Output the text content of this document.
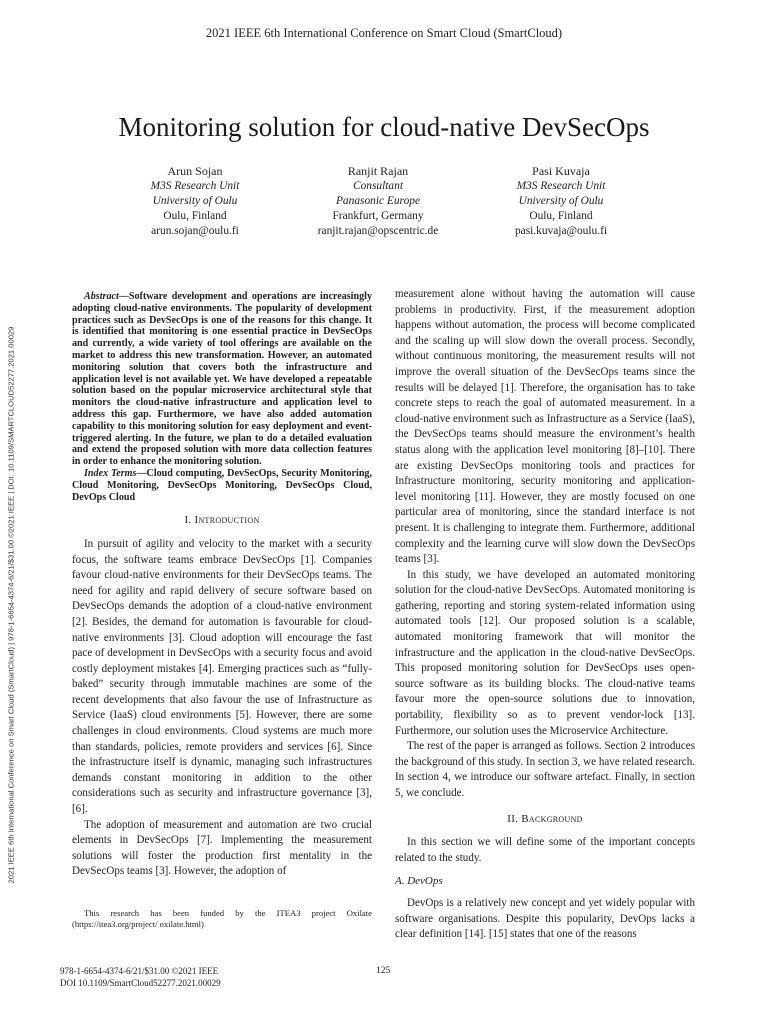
2021 IEEE 6th International Conference on Smart Cloud (SmartCloud)
Monitoring solution for cloud-native DevSecOps
Arun Sojan
M3S Research Unit
University of Oulu
Oulu, Finland
arun.sojan@oulu.fi
Ranjit Rajan
Consultant
Panasonic Europe
Frankfurt, Germany
ranjit.rajan@opscentric.de
Pasi Kuvaja
M3S Research Unit
University of Oulu
Oulu, Finland
pasi.kuvaja@oulu.fi
2021 IEEE 6th International Conference on Smart Cloud (SmartCloud) | 978-1-6654-4374-6/21/$31.00 ©2021 IEEE | DOI: 10.1109/SMARTCLOUD52277.2021.00029

Abstract—Software development and operations are increasingly adopting cloud-native environments. The popularity of development practices such as DevSecOps is one of the reasons for this change. It is identified that monitoring is one essential practice in DevSecOps and currently, a wide variety of tool offerings are available on the market to address this new transformation. However, an automated monitoring solution that covers both the infrastructure and application level is not available yet. We have developed a repeatable solution based on the popular microservice architectural style that monitors the cloud-native infrastructure and application level to address this gap. Furthermore, we have also added automation capability to this monitoring solution for easy deployment and event-triggered alerting. In the future, we plan to do a detailed evaluation and extend the proposed solution with more data collection features in order to enhance the monitoring solution.

Index Terms—Cloud computing, DevSecOps, Security Monitoring, Cloud Monitoring, DevSecOps Monitoring, DevSecOps Cloud, DevOps Cloud

I. Introduction

In pursuit of agility and velocity to the market with a security focus, the software teams embrace DevSecOps [1]. Companies favour cloud-native environments for their DevSecOps teams. The need for agility and rapid delivery of secure software based on DevSecOps demands the adoption of a cloud-native environment [2]. Besides, the demand for automation is favourable for cloud-native environments [3]. Cloud adoption will encourage the fast pace of development in DevSecOps with a security focus and avoid costly deployment mistakes [4]. Emerging practices such as “fully-baked” security through immutable machines are some of the recent developments that also favour the use of Infrastructure as Service (IaaS) cloud environments [5]. However, there are some challenges in cloud environments. Cloud systems are much more than standards, policies, remote providers and services [6]. Since the infrastructure itself is dynamic, managing such infrastructures demands constant monitoring in addition to the other considerations such as security and infrastructure governance [3], [6].

The adoption of measurement and automation are two crucial elements in DevSecOps [7]. Implementing the measurement solutions will foster the production first mentality in the DevSecOps teams [3]. However, the adoption of

This research has been funded by the ITEA3 project Oxilate (https://itea3.org/project/ oxilate.html)

measurement alone without having the automation will cause problems in productivity. First, if the measurement adoption happens without automation, the process will become complicated and the scaling up will slow down the overall process. Secondly, without continuous monitoring, the measurement results will not improve the overall situation of the DevSecOps teams since the results will be delayed [1]. Therefore, the organisation has to take concrete steps to reach the goal of automated measurement. In a cloud-native environment such as Infrastructure as a Service (IaaS), the DevSecOps teams should measure the environment’s health status along with the application level monitoring [8]–[10]. There are existing DevSecOps monitoring tools and practices for Infrastructure monitoring, security monitoring and application-level monitoring [11]. However, they are mostly focused on one particular area of monitoring, since the standard interface is not present. It is challenging to integrate them. Furthermore, additional complexity and the learning curve will slow down the DevSecOps teams [3].

In this study, we have developed an automated monitoring solution for the cloud-native DevSecOps. Automated monitoring is gathering, reporting and storing system-related information using automated tools [12]. Our proposed solution is a scalable, automated monitoring framework that will monitor the infrastructure and the application in the cloud-native DevSecOps. This proposed monitoring solution for DevSecOps uses open-source software as its building blocks. The cloud-native teams favour more the open-source solutions due to innovation, portability, flexibility so as to prevent vendor-lock [13]. Furthermore, our solution uses the Microservice Architecture.

The rest of the paper is arranged as follows. Section 2 introduces the background of this study. In section 3, we have related research. In section 4, we introduce our software artefact. Finally, in section 5, we conclude.

II. Background

In this section we will define some of the important concepts related to the study.

A. DevOps

DevOps is a relatively new concept and yet widely popular with software organisations. Despite this popularity, DevOps lacks a clear definition [14]. [15] states that one of the reasons

978-1-6654-4374-6/21/$31.00 ©2021 IEEE
DOI 10.1109/SmartCloud52277.2021.00029
125
